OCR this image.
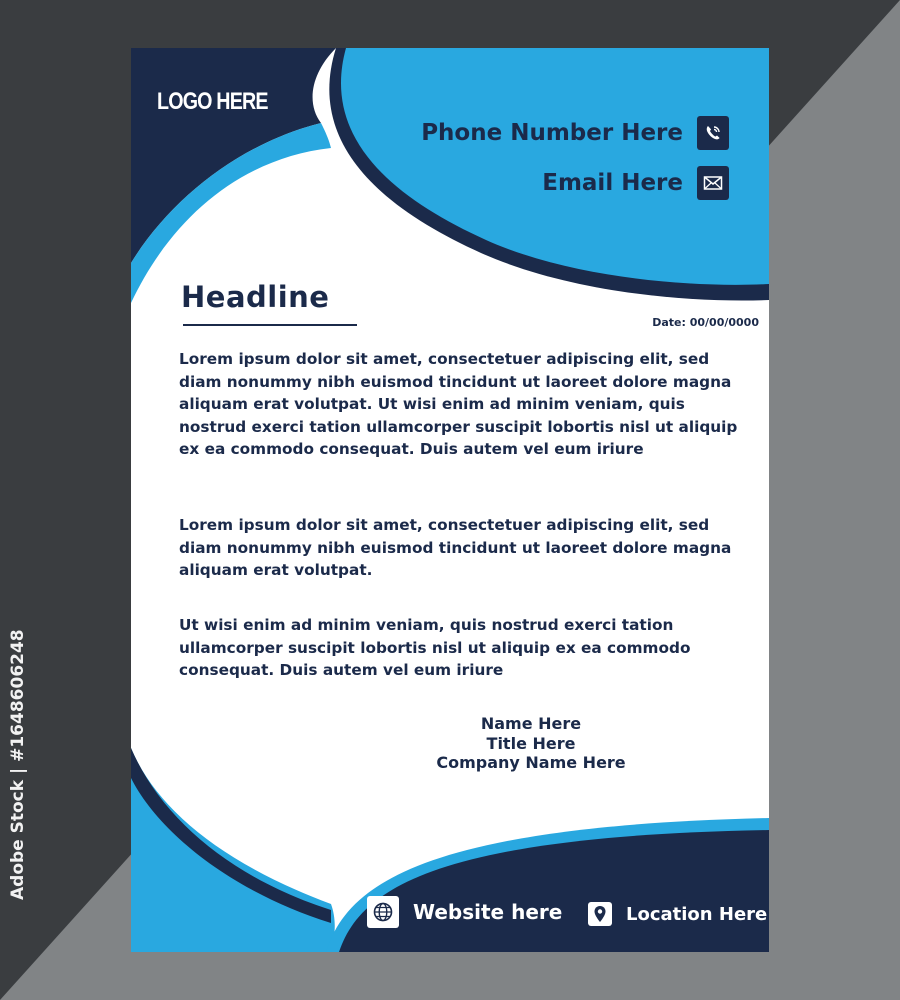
LOGO HERE
Phone Number Here
Email Here
Headline
Date: 00/00/0000

Lorem ipsum dolor sit amet, consectetuer adipiscing elit, sed diam nonummy nibh euismod tincidunt ut laoreet dolore magna aliquam erat volutpat. Ut wisi enim ad minim veniam, quis nostrud exerci tation ullamcorper suscipit lobortis nisl ut aliquip ex ea commodo consequat. Duis autem vel eum iriure

Lorem ipsum dolor sit amet, consectetuer adipiscing elit, sed diam nonummy nibh euismod tincidunt ut laoreet dolore magna aliquam erat volutpat.

Ut wisi enim ad minim veniam, quis nostrud exerci tation ullamcorper suscipit lobortis nisl ut aliquip ex ea commodo consequat. Duis autem vel eum iriure

Name Here
Title Here
Company Name Here
Website here	Location Here
Adobe Stock | #1648606248
